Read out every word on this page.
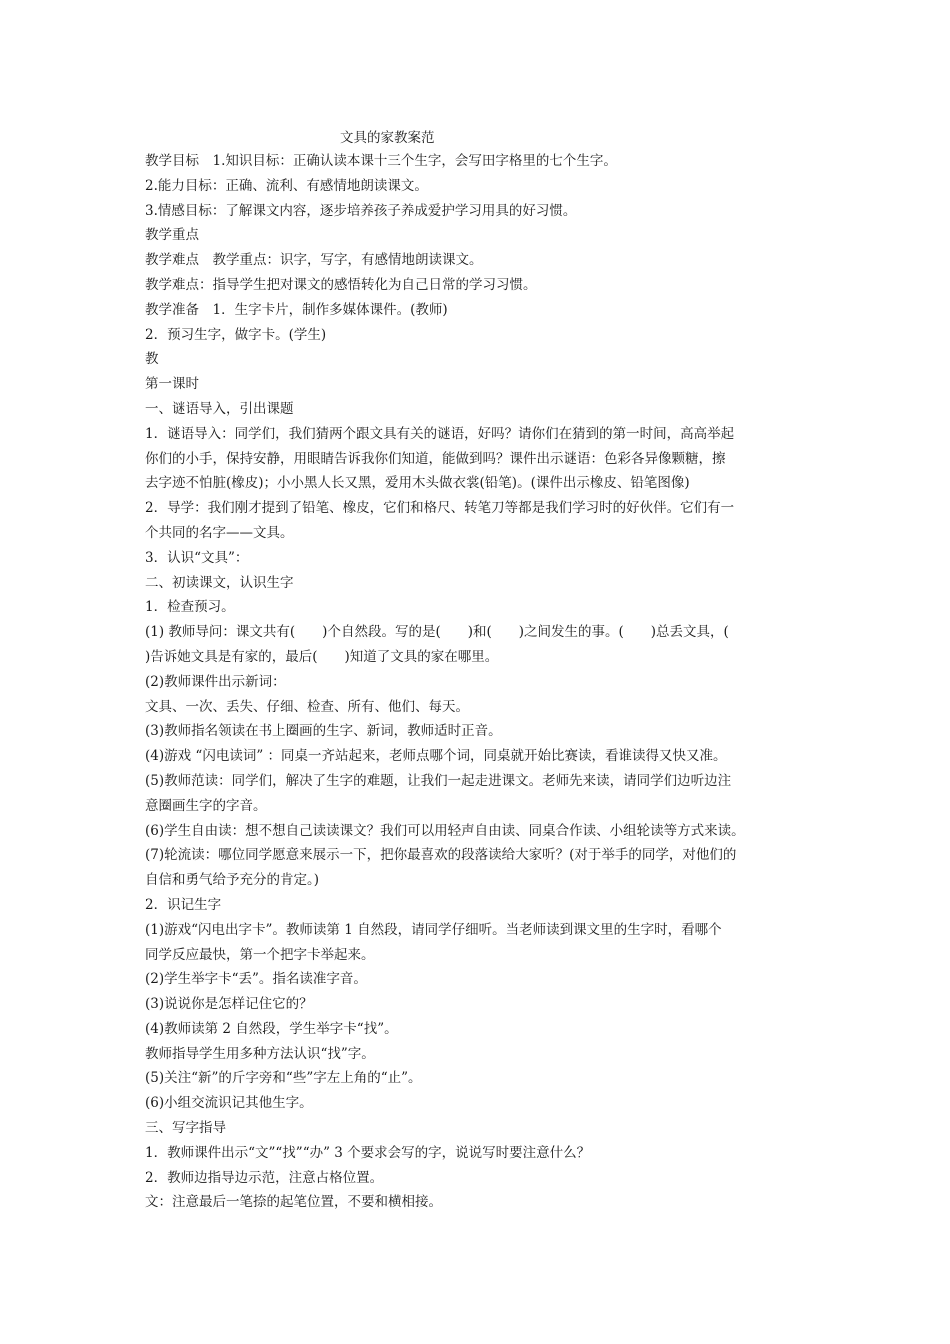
文具的家教案范
教学目标　1.知识目标：正确认读本课十三个生字，会写田字格里的七个生字。
2.能力目标：正确、流利、有感情地朗读课文。
3.情感目标：了解课文内容，逐步培养孩子养成爱护学习用具的好习惯。
教学重点
教学难点　教学重点：识字，写字，有感情地朗读课文。
教学难点：指导学生把对课文的感悟转化为自己日常的学习习惯。
教学准备　1．生字卡片，制作多媒体课件。(教师)
2．预习生字，做字卡。(学生)
教
第一课时
一、谜语导入，引出课题
1．谜语导入：同学们，我们猜两个跟文具有关的谜语，好吗？请你们在猜到的第一时间，高高举起
你们的小手，保持安静，用眼睛告诉我你们知道，能做到吗？课件出示谜语：色彩各异像颗糖，擦
去字迹不怕脏(橡皮)；小小黑人长又黑，爱用木头做衣裳(铅笔)。(课件出示橡皮、铅笔图像)
2．导学：我们刚才提到了铅笔、橡皮，它们和格尺、转笔刀等都是我们学习时的好伙伴。它们有一
个共同的名字——文具。
3．认识“文具”：
二、初读课文，认识生字
1．检查预习。
(1) 教师导问：课文共有(　　)个自然段。写的是(　　)和(　　)之间发生的事。(　　)总丢文具，(
)告诉她文具是有家的，最后(　　)知道了文具的家在哪里。
(2)教师课件出示新词：
文具、一次、丢失、仔细、检查、所有、他们、每天。
(3)教师指名领读在书上圈画的生字、新词，教师适时正音。
(4)游戏 “闪电读词” ：同桌一齐站起来，老师点哪个词，同桌就开始比赛读，看谁读得又快又准。
(5)教师范读：同学们，解决了生字的难题，让我们一起走进课文。老师先来读，请同学们边听边注
意圈画生字的字音。
(6)学生自由读：想不想自己读读课文？我们可以用轻声自由读、同桌合作读、小组轮读等方式来读。
(7)轮流读：哪位同学愿意来展示一下，把你最喜欢的段落读给大家听？(对于举手的同学，对他们的
自信和勇气给予充分的肯定。)
2．识记生字
(1)游戏“闪电出字卡”。教师读第 1 自然段，请同学仔细听。当老师读到课文里的生字时，看哪个
同学反应最快，第一个把字卡举起来。
(2)学生举字卡“丢”。指名读准字音。
(3)说说你是怎样记住它的？
(4)教师读第 2 自然段，学生举字卡“找”。
教师指导学生用多种方法认识“找”字。
(5)关注“新”的斤字旁和“些”字左上角的“止”。
(6)小组交流识记其他生字。
三、写字指导
1．教师课件出示“文”“找”“办” 3 个要求会写的字，说说写时要注意什么？
2．教师边指导边示范，注意占格位置。
文：注意最后一笔捺的起笔位置，不要和横相接。
